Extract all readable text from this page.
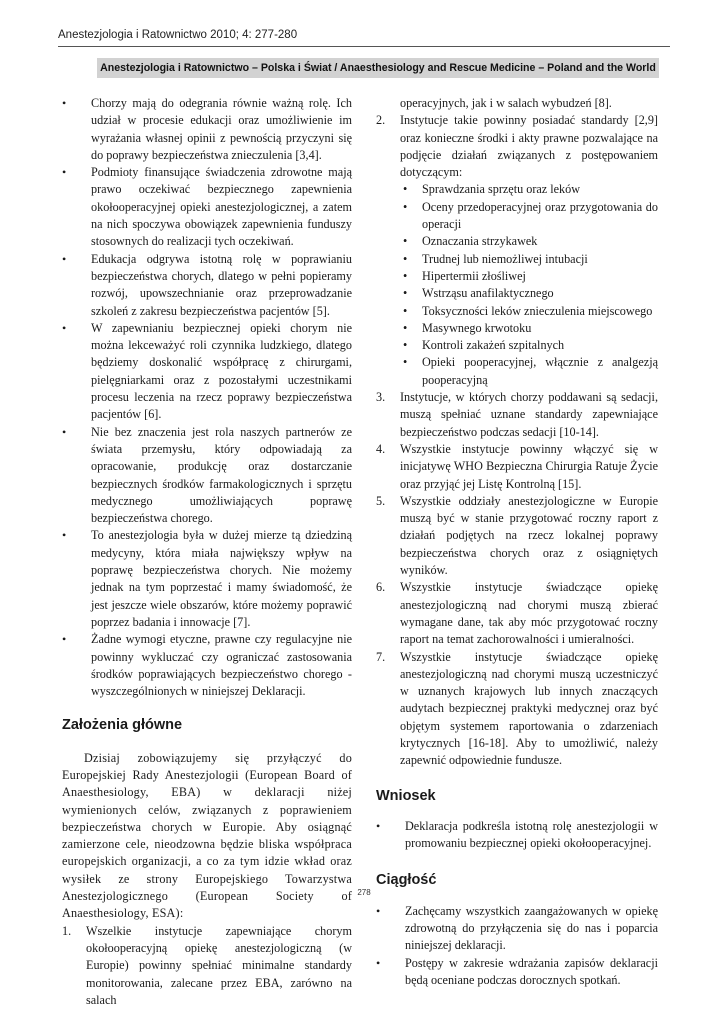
Anestezjologia i Ratownictwo 2010; 4: 277-280
Anestezjologia i Ratownictwo – Polska i Świat / Anaesthesiology and Rescue Medicine – Poland and the World
• Chorzy mają do odegrania równie ważną rolę. Ich udział w procesie edukacji oraz umożliwienie im wyrażania własnej opinii z pewnością przyczyni się do poprawy bezpieczeństwa znieczulenia [3,4].
• Podmioty finansujące świadczenia zdrowotne mają prawo oczekiwać bezpiecznego zapewnienia okołooperacyjnej opieki anestezjologicznej, a zatem na nich spoczywa obowiązek zapewnienia funduszy stosownych do realizacji tych oczekiwań.
• Edukacja odgrywa istotną rolę w poprawianiu bezpieczeństwa chorych, dlatego w pełni popieramy rozwój, upowszechnianie oraz przeprowadzanie szkoleń z zakresu bezpieczeństwa pacjentów [5].
• W zapewnianiu bezpiecznej opieki chorym nie można lekceważyć roli czynnika ludzkiego, dlatego będziemy doskonalić współpracę z chirurgami, pielęgniarkami oraz z pozostałymi uczestnikami procesu leczenia na rzecz poprawy bezpieczeństwa pacjentów [6].
• Nie bez znaczenia jest rola naszych partnerów ze świata przemysłu, który odpowiadają za opracowanie, produkcję oraz dostarczanie bezpiecznych środków farmakologicznych i sprzętu medycznego umożliwiających poprawę bezpieczeństwa chorego.
• To anestezjologia była w dużej mierze tą dziedziną medycyny, która miała największy wpływ na poprawę bezpieczeństwa chorych. Nie możemy jednak na tym poprzestać i mamy świadomość, że jest jeszcze wiele obszarów, które możemy poprawić poprzez badania i innowacje [7].
• Żadne wymogi etyczne, prawne czy regulacyjne nie powinny wykluczać czy ograniczać zastosowania środków poprawiających bezpieczeństwo chorego - wyszczególnionych w niniejszej Deklaracji.
Założenia główne

Dzisiaj zobowiązujemy się przyłączyć do Europejskiej Rady Anestezjologii (European Board of Anaesthesiology, EBA) w deklaracji niżej wymienionych celów, związanych z poprawieniem bezpieczeństwa chorych w Europie. Aby osiągnąć zamierzone cele, nieodzowna będzie bliska współpraca europejskich organizacji, a co za tym idzie wkład oraz wysiłek ze strony Europejskiego Towarzystwa Anestezjologicznego (European Society of Anaesthesiology, ESA):

1. Wszelkie instytucje zapewniające chorym okołooperacyjną opiekę anestezjologiczną (w Europie) powinny spełniać minimalne standardy monitorowania, zalecane przez EBA, zarówno na salach

operacyjnych, jak i w salach wybudzeń [8].

2. Instytucje takie powinny posiadać standardy [2,9] oraz konieczne środki i akty prawne pozwalające na podjęcie działań związanych z postępowaniem dotyczącym:
• Sprawdzania sprzętu oraz leków
• Oceny przedoperacyjnej oraz przygotowania do operacji
• Oznaczania strzykawek
• Trudnej lub niemożliwej intubacji
• Hipertermii złośliwej
• Wstrząsu anafilaktycznego
• Toksyczności leków znieczulenia miejscowego
• Masywnego krwotoku
• Kontroli zakażeń szpitalnych
• Opieki pooperacyjnej, włącznie z analgezją pooperacyjną
3. Instytucje, w których chorzy poddawani są sedacji, muszą spełniać uznane standardy zapewniające bezpieczeństwo podczas sedacji [10-14].
4. Wszystkie instytucje powinny włączyć się w inicjatywę WHO Bezpieczna Chirurgia Ratuje Życie oraz przyjąć jej Listę Kontrolną [15].
5. Wszystkie oddziały anestezjologiczne w Europie muszą być w stanie przygotować roczny raport z działań podjętych na rzecz lokalnej poprawy bezpieczeństwa chorych oraz z osiągniętych wyników.
6. Wszystkie instytucje świadczące opiekę anestezjologiczną nad chorymi muszą zbierać wymagane dane, tak aby móc przygotować roczny raport na temat zachorowalności i umieralności.
7. Wszystkie instytucje świadczące opiekę anestezjologiczną nad chorymi muszą uczestniczyć w uznanych krajowych lub innych znaczących audytach bezpiecznej praktyki medycznej oraz być objętym systemem raportowania o zdarzeniach krytycznych [16-18]. Aby to umożliwić, należy zapewnić odpowiednie fundusze.
Wniosek
• Deklaracja podkreśla istotną rolę anestezjologii w promowaniu bezpiecznej opieki okołooperacyjnej.
Ciągłość
• Zachęcamy wszystkich zaangażowanych w opiekę zdrowotną do przyłączenia się do nas i poparcia niniejszej deklaracji.
• Postępy w zakresie wdrażania zapisów deklaracji będą oceniane podczas dorocznych spotkań.
278
